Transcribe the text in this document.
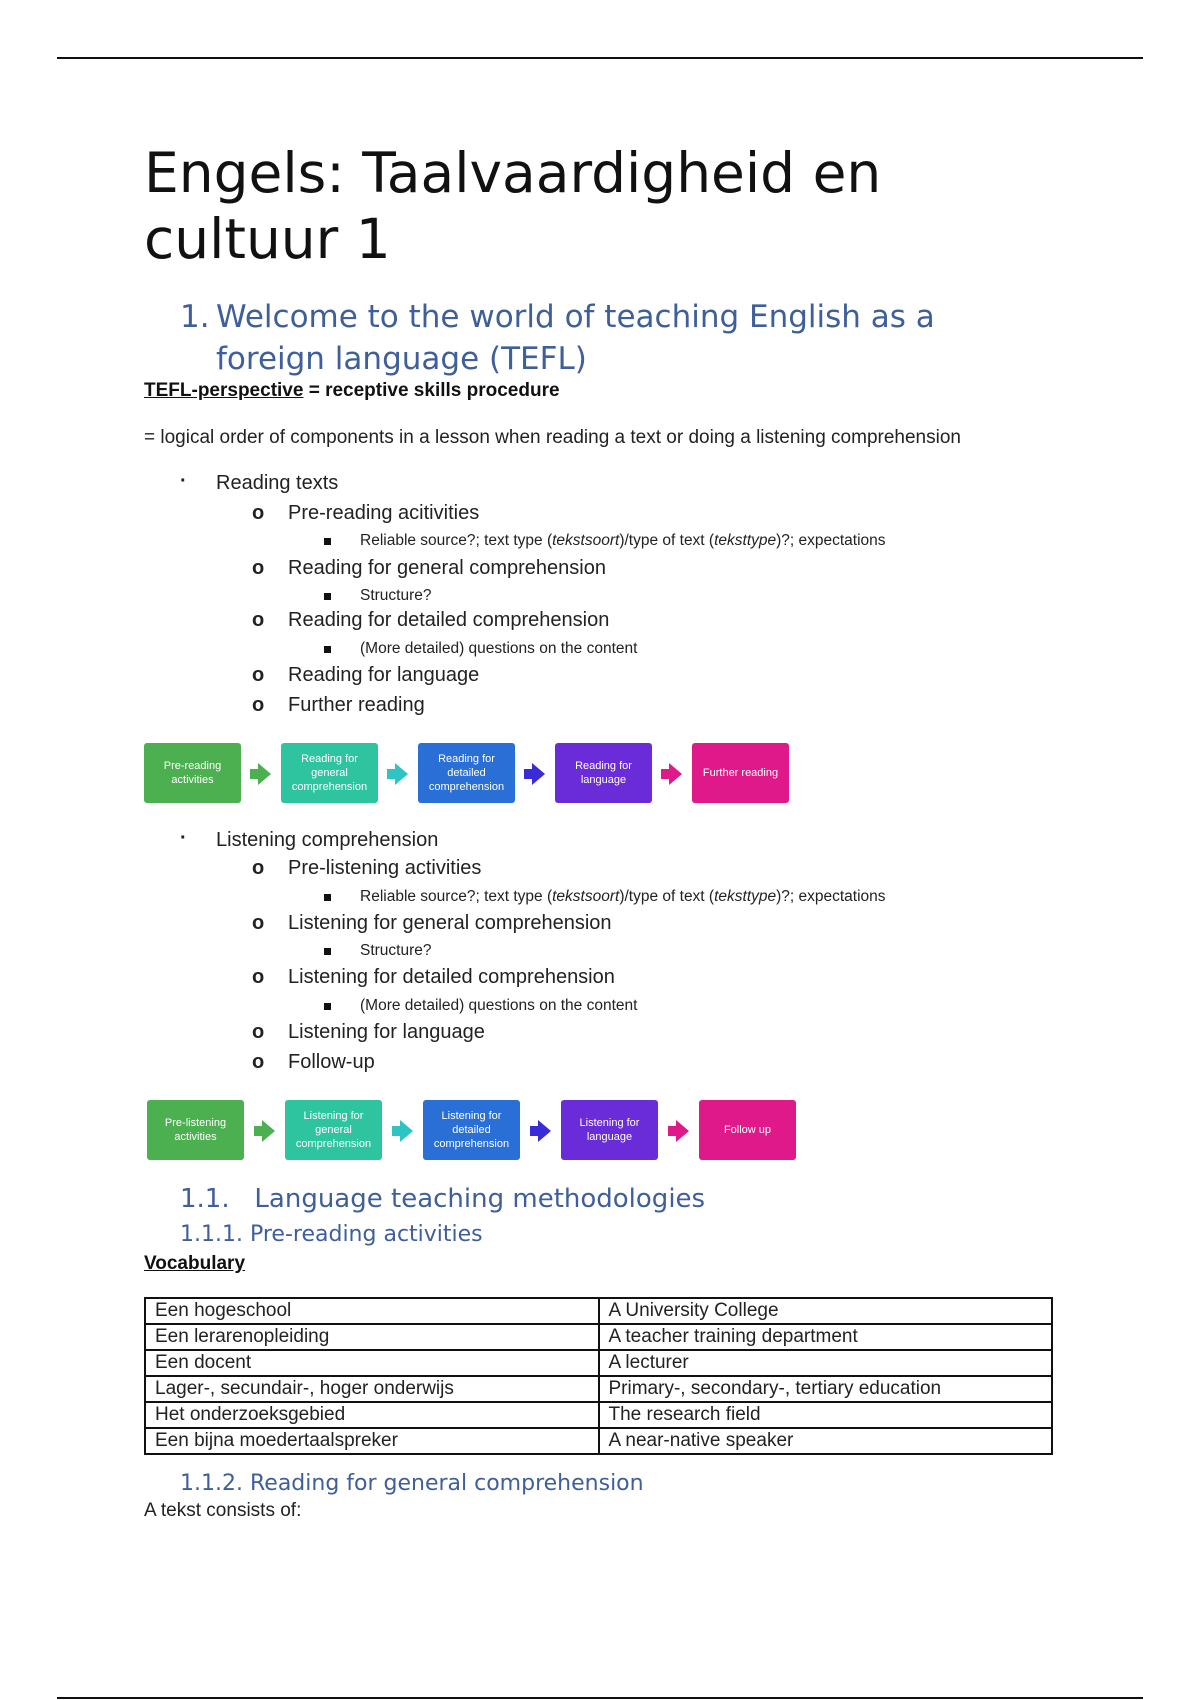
Engels: Taalvaardigheid en cultuur 1
1. Welcome to the world of teaching English as a foreign language (TEFL)
TEFL-perspective = receptive skills procedure
= logical order of components in a lesson when reading a text or doing a listening comprehension
· Reading texts
o Pre-reading acitivities
Reliable source?; text type (tekstsoort)/type of text (teksttype)?; expectations
o Reading for general comprehension
Structure?
o Reading for detailed comprehension
(More detailed) questions on the content
o Reading for language
o Further reading
Pre-reading activities
Reading for general comprehension
Reading for detailed comprehension
Reading for language
Further reading
· Listening comprehension
o Pre-listening activities
Reliable source?; text type (tekstsoort)/type of text (teksttype)?; expectations
o Listening for general comprehension
Structure?
o Listening for detailed comprehension
(More detailed) questions on the content
o Listening for language
o Follow-up
Pre-listening activities
Listening for general comprehension
Listening for detailed comprehension
Listening for language
Follow up
1.1. Language teaching methodologies
1.1.1. Pre-reading activities
Vocabulary
Een hogeschool	A University College
Een lerarenopleiding	A teacher training department
Een docent	A lecturer
Lager-, secundair-, hoger onderwijs	Primary-, secondary-, tertiary education
Het onderzoeksgebied	The research field
Een bijna moedertaalspreker	A near-native speaker
1.1.2. Reading for general comprehension
A tekst consists of:
